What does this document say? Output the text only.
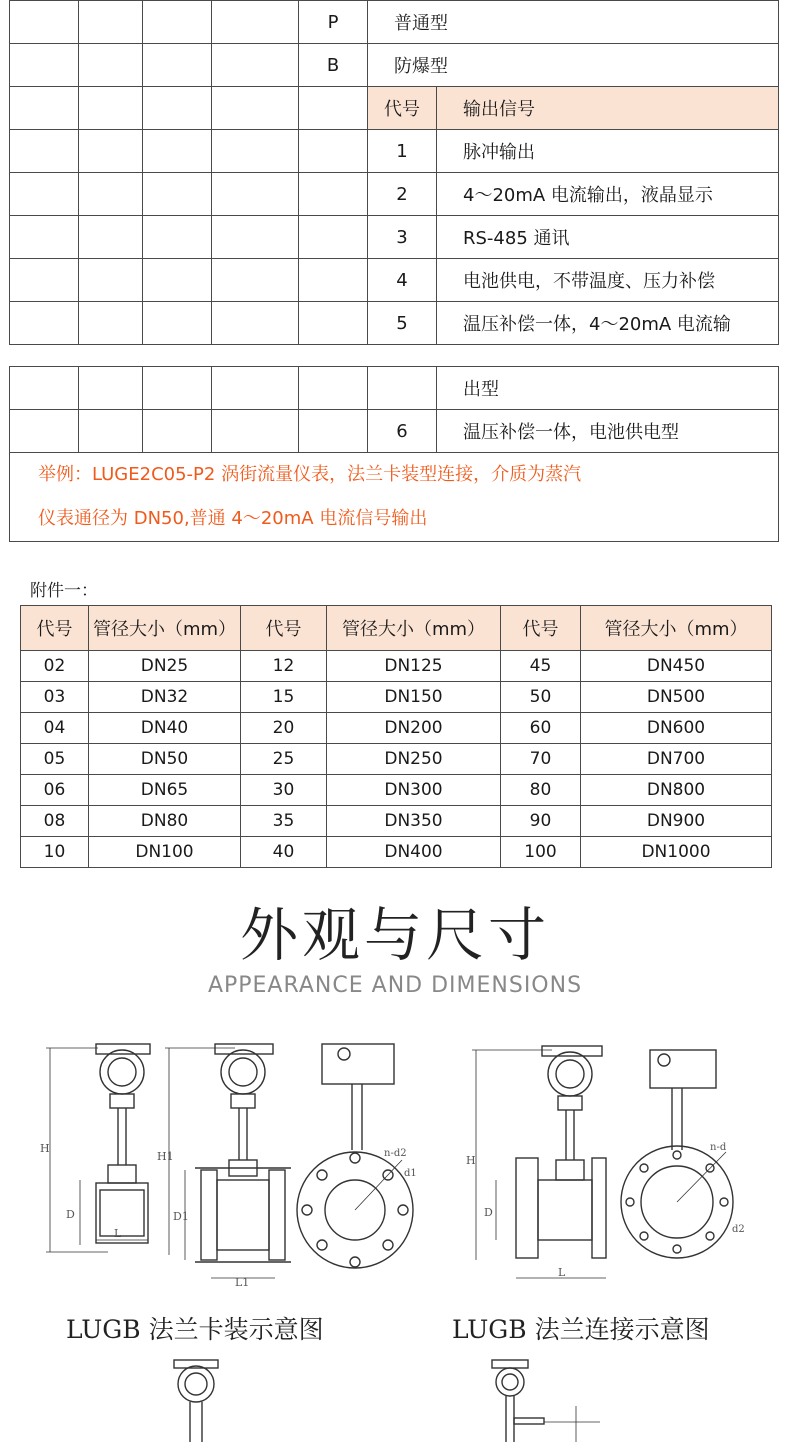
				P	普通型	
				B	防爆型	
					代号	输出信号
					1	脉冲输出
					2	4～20mA 电流输出，液晶显示
					3	RS-485 通讯
					4	电池供电，不带温度、压力补偿
					5	温压补偿一体，4～20mA 电流输
						出型
					6	温压补偿一体，电池供电型

举例：LUGE2C05-P2 涡街流量仪表，法兰卡装型连接，介质为蒸汽
仪表通径为 DN50,普通 4～20mA 电流信号输出						
附件一：
代号	管径大小（mm）	代号	管径大小（mm）	代号	管径大小（mm）
02	DN25	12	DN125	45	DN450
03	DN32	15	DN150	50	DN500
04	DN40	20	DN200	60	DN600
05	DN50	25	DN250	70	DN700
06	DN65	30	DN300	80	DN800
08	DN80	35	DN350	90	DN900
10	DN100	40	DN400	100	DN1000
外观与尺寸
APPEARANCE AND DIMENSIONS
H
D
L
H1
D1
L1
n-d2
d1
H
D
L
n-d
d2
LUGB 法兰卡装示意图	LUGB 法兰连接示意图
